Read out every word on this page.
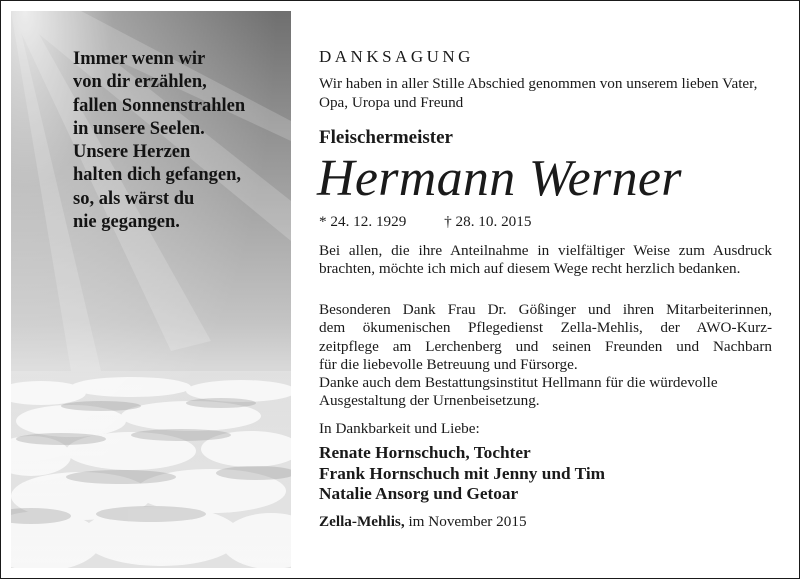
Immer wenn wir
von dir erzählen,
fallen Sonnenstrahlen
in unsere Seelen.
Unsere Herzen
halten dich gefangen,
so, als wärst du
nie gegangen.
DANKSAGUNG
Wir haben in aller Stille Abschied genommen von unserem lieben Vater, Opa, Uropa und Freund
Fleischermeister
Hermann Werner
* 24. 12. 1929 † 28. 10. 2015
Bei allen, die ihre Anteilnahme in vielfältiger Weise zum Ausdruck brachten, möchte ich mich auf diesem Wege recht herzlich bedanken.
Besonderen Dank Frau Dr. Gößinger und ihren Mitarbeiterinnen,
dem ökumenischen Pflegedienst Zella-Mehlis, der AWO-Kurz-
zeitpflege am Lerchenberg und seinen Freunden und Nachbarn
für die liebevolle Betreuung und Fürsorge.
Danke auch dem Bestattungsinstitut Hellmann für die würdevolle
Ausgestaltung der Urnenbeisetzung.
In Dankbarkeit und Liebe:
Renate Hornschuch, Tochter
Frank Hornschuch mit Jenny und Tim
Natalie Ansorg und Getoar
Zella-Mehlis, im November 2015
